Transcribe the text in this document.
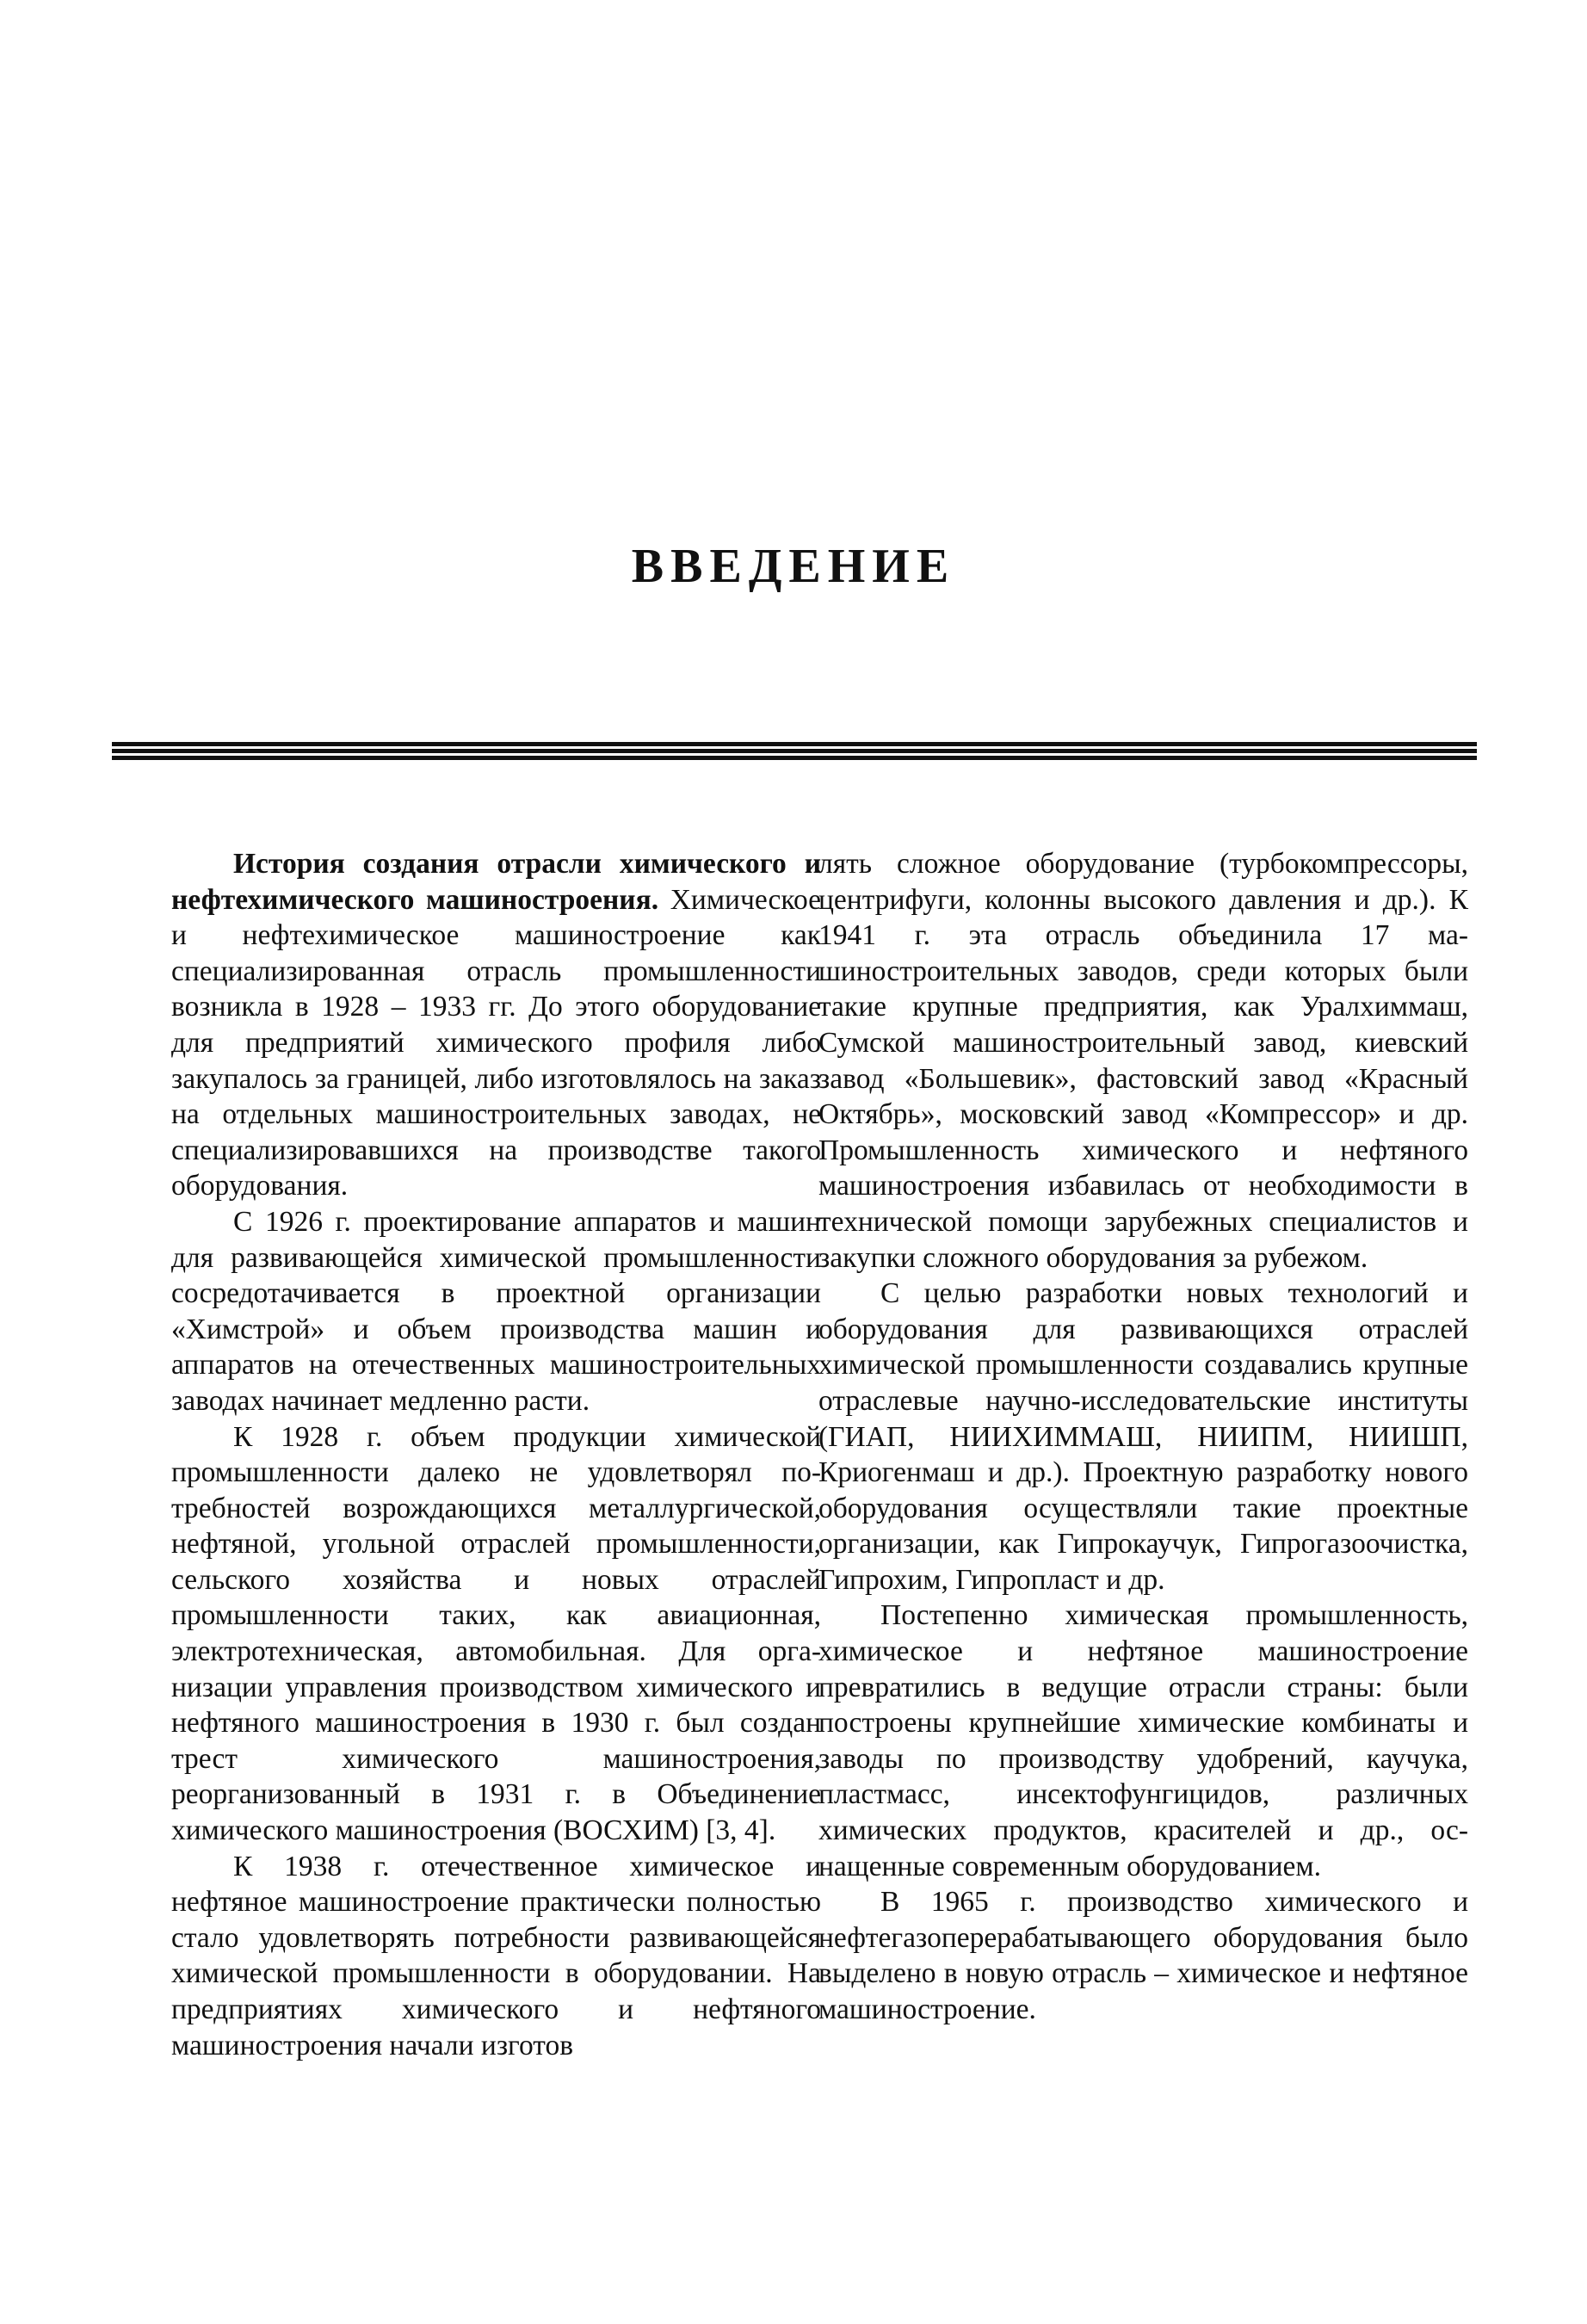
ВВЕДЕНИЕ

История создания отрасли химического и нефтехимического машиностроения. Химическое и нефтехимическое машиностроение как специализированная отрасль промышленности возникла в 1928 – 1933 гг. До этого оборудование для предприятий химического профиля либо закупалось за границей, либо изготовлялось на заказ на отдельных машиностроительных заводах, не специализировавшихся на производстве такого оборудования.

С 1926 г. проектирование аппаратов и машин для развивающейся химической промышленности сосредотачивается в проектной организации «Химстрой» и объем производства машин и аппаратов на отечественных машиностроительных заводах начинает медленно расти.

К 1928 г. объем продукции химической промышленности далеко не удовлетворял потребностей возрождающихся металлургической, нефтяной, угольной отраслей промышленности, сельского хозяйства и новых отраслей промышленности таких, как авиационная, электротехническая, автомобильная. Для организации управления производством химического и нефтяного машиностроения в 1930 г. был создан трест химического машиностроения, реорганизованный в 1931 г. в Объединение химического машиностроения (ВОСХИМ) [3, 4].

К 1938 г. отечественное химическое и нефтяное машиностроение практически полностью стало удовлетворять потребности развивающейся химической промышленности в оборудовании. На предприятиях химического и нефтяного машиностроения начали изготов

лять сложное оборудование (турбокомпрессоры, центрифуги, колонны высокого давления и др.). К 1941 г. эта отрасль объединила 17 машиностроительных заводов, среди которых были такие крупные предприятия, как Уралхиммаш, Сумской машиностроительный завод, киевский завод «Большевик», фастовский завод «Красный Октябрь», московский завод «Компрессор» и др. Промышленность химического и нефтяного машиностроения избавилась от необходимости в технической помощи зарубежных специалистов и закупки сложного оборудования за рубежом.

С целью разработки новых технологий и оборудования для развивающихся отраслей химической промышленности создавались крупные отраслевые научно-исследовательские институты (ГИАП, НИИХИММАШ, НИИПМ, НИИШП, Криогенмаш и др.). Проектную разработку нового оборудования осуществляли такие проектные организации, как Гипрокаучук, Гипрогазоочистка, Гипрохим, Гипропласт и др.

Постепенно химическая промышленность, химическое и нефтяное машиностроение превратились в ведущие отрасли страны: были построены крупнейшие химические комбинаты и заводы по производству удобрений, каучука, пластмасс, инсектофунгицидов, различных химических продуктов, красителей и др., оснащенные современным оборудованием.

В 1965 г. производство химического и нефтегазоперерабатывающего оборудования было выделено в новую отрасль – химическое и нефтяное машиностроение.
